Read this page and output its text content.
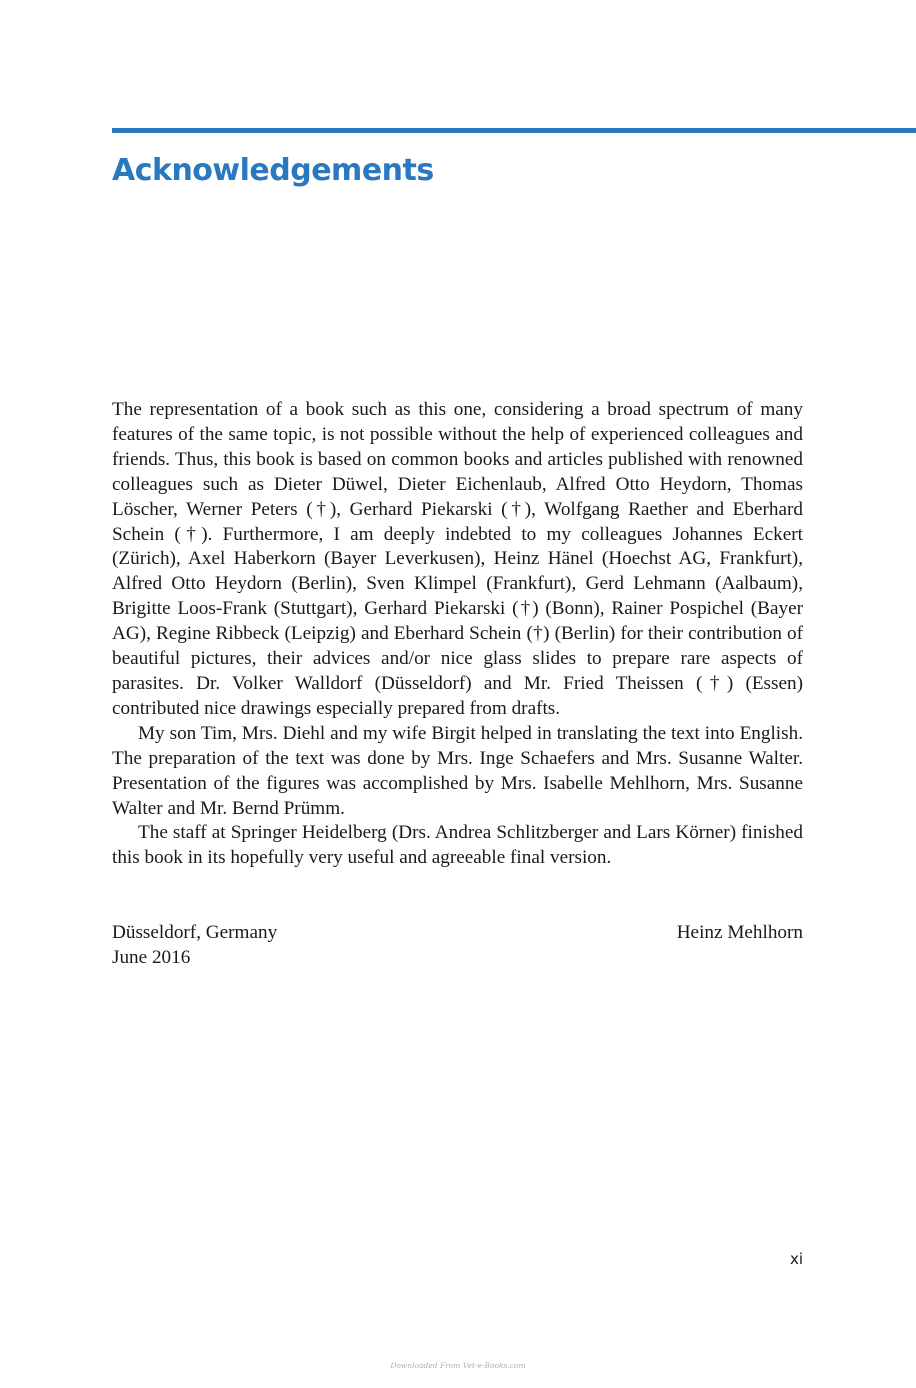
Acknowledgements

The representation of a book such as this one, considering a broad spectrum of many features of the same topic, is not possible without the help of experienced colleagues and friends. Thus, this book is based on common books and articles published with renowned colleagues such as Dieter Düwel, Dieter Eichenlaub, Alfred Otto Heydorn, Thomas Löscher, Werner Peters (†), Gerhard Piekarski (†), Wolfgang Raether and Eberhard Schein (†). Furthermore, I am deeply indebted to my colleagues Johannes Eckert (Zürich), Axel Haberkorn (Bayer Leverkusen), Heinz Hänel (Hoechst AG, Frankfurt), Alfred Otto Heydorn (Berlin), Sven Klimpel (Frankfurt), Gerd Lehmann (Aalbaum), Brigitte Loos-Frank (Stuttgart), Gerhard Piekarski (†) (Bonn), Rainer Pospichel (Bayer AG), Regine Ribbeck (Leipzig) and Eberhard Schein (†) (Berlin) for their contribution of beautiful pictures, their advices and/or nice glass slides to prepare rare aspects of parasites. Dr. Volker Walldorf (Düsseldorf) and Mr. Fried Theissen (†) (Essen) contributed nice drawings especially prepared from drafts.

My son Tim, Mrs. Diehl and my wife Birgit helped in translating the text into English. The preparation of the text was done by Mrs. Inge Schaefers and Mrs. Susanne Walter. Presentation of the figures was accomplished by Mrs. Isabelle Mehlhorn, Mrs. Susanne Walter and Mr. Bernd Prümm.

The staff at Springer Heidelberg (Drs. Andrea Schlitzberger and Lars Körner) finished this book in its hopefully very useful and agreeable final version.

Düsseldorf, Germany	Heinz Mehlhorn
June 2016
xi
Downloaded From Vet-e-Books.com
